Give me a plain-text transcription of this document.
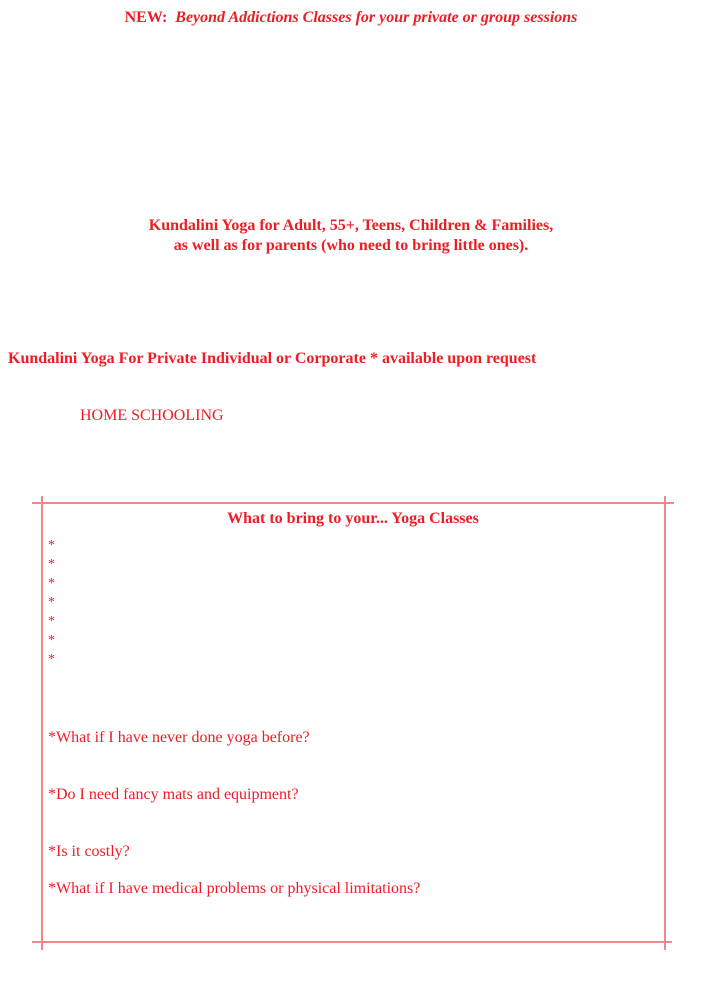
NEW: Beyond Addictions Classes for your private or group sessions
Kundalini Yoga for Adult, 55+, Teens, Children & Families,
as well as for parents (who need to bring little ones).
Kundalini Yoga For Private Individual or Corporate * available upon request
HOME SCHOOLING
What to bring to your... Yoga Classes
*
*
*
*
*
*
*
*What if I have never done yoga before?
*Do I need fancy mats and equipment?
*Is it costly?
*What if I have medical problems or physical limitations?
